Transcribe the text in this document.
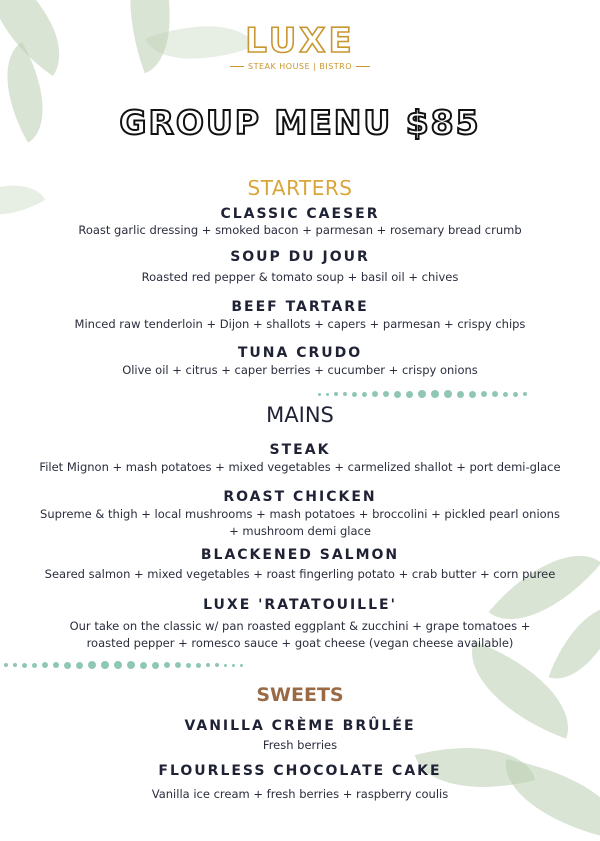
LUXE
STEAK HOUSE | BISTRO
GROUP MENU $85
STARTERS
CLASSIC CAESER
Roast garlic dressing + smoked bacon + parmesan + rosemary bread crumb
SOUP DU JOUR
Roasted red pepper & tomato soup + basil oil + chives
BEEF TARTARE
Minced raw tenderloin + Dijon + shallots + capers + parmesan + crispy chips
TUNA CRUDO
Olive oil + citrus + caper berries + cucumber + crispy onions
MAINS
STEAK
Filet Mignon + mash potatoes + mixed vegetables + carmelized shallot + port demi-glace
ROAST CHICKEN
Supreme & thigh + local mushrooms + mash potatoes + broccolini + pickled pearl onions + mushroom demi glace
BLACKENED SALMON
Seared salmon + mixed vegetables + roast fingerling potato + crab butter + corn puree
LUXE 'RATATOUILLE'
Our take on the classic w/ pan roasted eggplant & zucchini + grape tomatoes + roasted pepper + romesco sauce + goat cheese (vegan cheese available)
SWEETS
VANILLA CRÈME BRÛLÉE
Fresh berries
FLOURLESS CHOCOLATE CAKE
Vanilla ice cream + fresh berries + raspberry coulis
